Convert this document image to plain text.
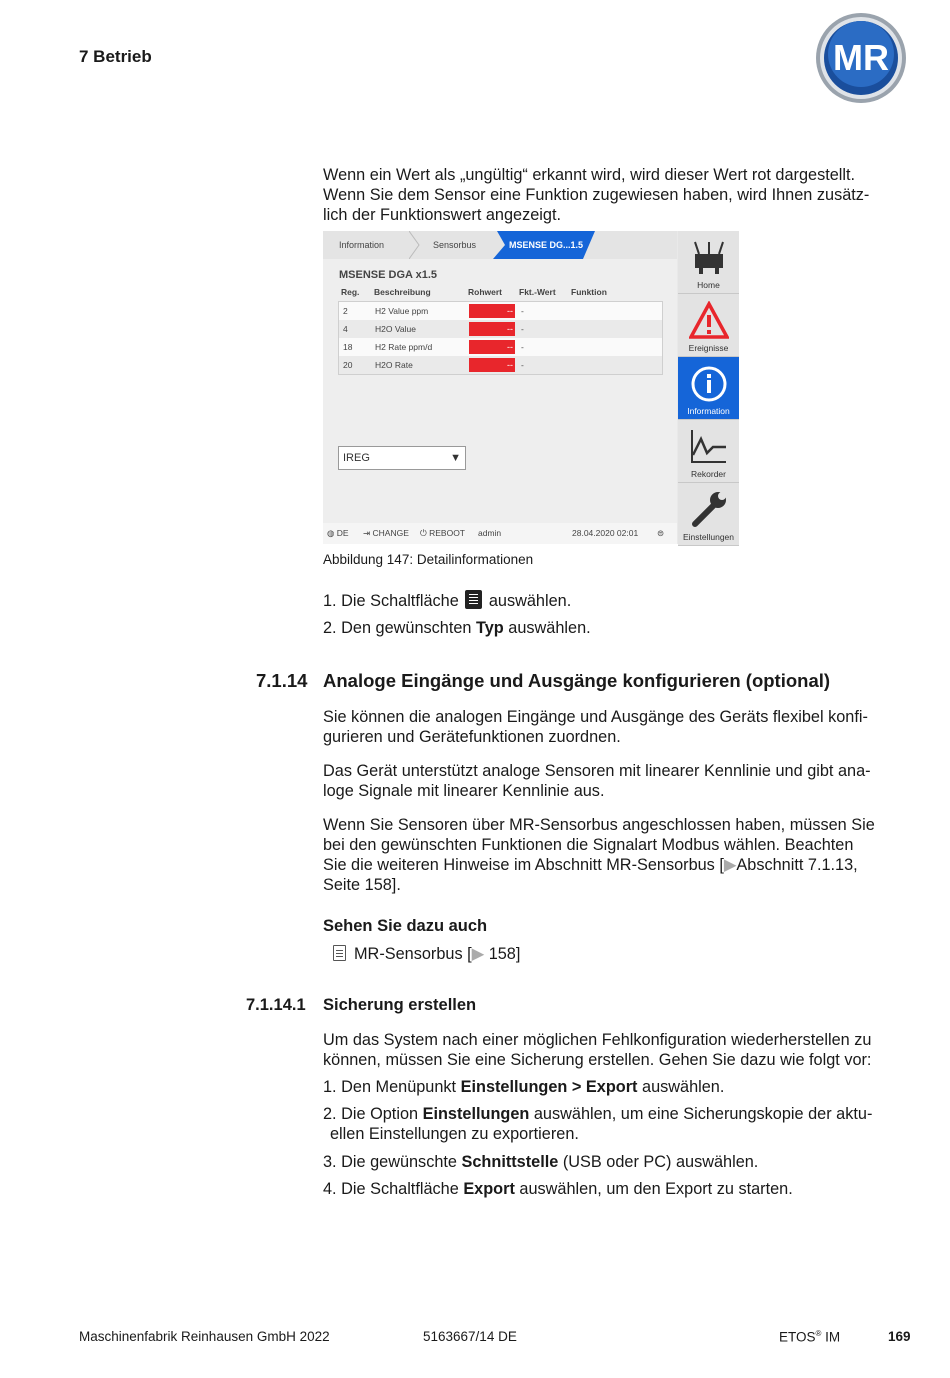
7 Betrieb	MR
Wenn ein Wert als „ungültig“ erkannt wird, wird dieser Wert rot dargestellt.
Wenn Sie dem Sensor eine Funktion zugewiesen haben, wird Ihnen zusätz-
lich der Funktionswert angezeigt.
Information	Sensorbus	MSENSE DG...1.5
MSENSE DGA x1.5
Reg. Beschreibung	Rohwert Fkt.-Wert Funktion
2	H2 Value ppm	-- -
4	H2O Value	-- -
18	H2 Rate ppm/d	-- -
20	H2O Rate	-- -
IREG	▼
◍ DE ⇥ CHANGE ⏻ REBOOT admin	28.04.2020 02:01 ⊜
Home
Ereignisse
Information
Rekorder
Einstellungen
Abbildung 147: Detailinformationen
1. Die Schaltfläche auswählen.
2. Den gewünschten Typ auswählen.
7.1.14 Analoge Eingänge und Ausgänge konfigurieren (optional)
Sie können die analogen Eingänge und Ausgänge des Geräts flexibel konfi-
gurieren und Gerätefunktionen zuordnen.
Das Gerät unterstützt analoge Sensoren mit linearer Kennlinie und gibt ana-
loge Signale mit linearer Kennlinie aus.
Wenn Sie Sensoren über MR-Sensorbus angeschlossen haben, müssen Sie
bei den gewünschten Funktionen die Signalart Modbus wählen. Beachten
Sie die weiteren Hinweise im Abschnitt MR-Sensorbus [▶Abschnitt 7.1.13,
Seite 158].
Sehen Sie dazu auch
MR-Sensorbus [▶ 158]
7.1.14.1 Sicherung erstellen
Um das System nach einer möglichen Fehlkonfiguration wiederherstellen zu
können, müssen Sie eine Sicherung erstellen. Gehen Sie dazu wie folgt vor:
1. Den Menüpunkt Einstellungen > Export auswählen.
2. Die Option Einstellungen auswählen, um eine Sicherungskopie der aktu-
ellen Einstellungen zu exportieren.
3. Die gewünschte Schnittstelle (USB oder PC) auswählen.
4. Die Schaltfläche Export auswählen, um den Export zu starten.
Maschinenfabrik Reinhausen GmbH 2022	5163667/14 DE	ETOS® IM	169
